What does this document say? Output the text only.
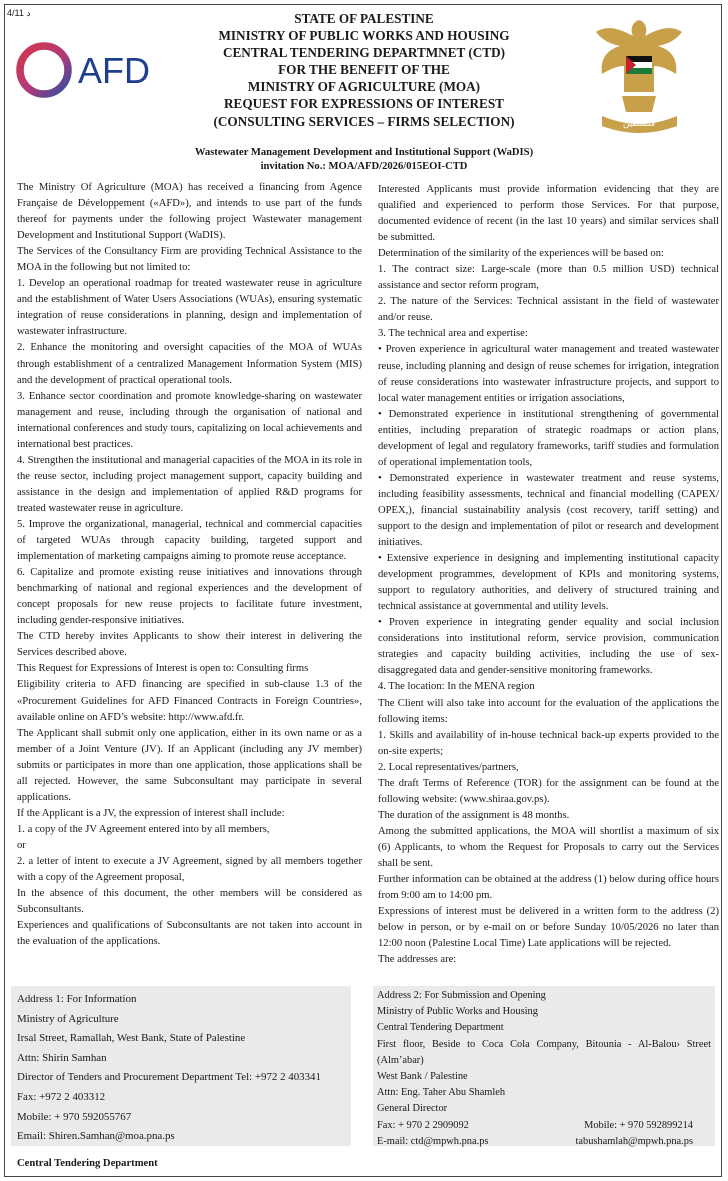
4/11 د
AFD
فلسطين
STATE OF PALESTINE
MINISTRY OF PUBLIC WORKS AND HOUSING
CENTRAL TENDERING DEPARTMNET (CTD)
FOR THE BENEFIT OF THE
MINISTRY OF AGRICULTURE (MOA)
REQUEST FOR EXPRESSIONS OF INTEREST
(CONSULTING SERVICES – FIRMS SELECTION)
Wastewater Management Development and Institutional Support (WaDIS)
invitation No.: MOA/AFD/2026/015EOI-CTD

The Ministry Of Agriculture (MOA) has received a financing from Agence Française de Développement («AFD»), and intends to use part of the funds thereof for payments under the following project Wastewater management Development and Institutional Support (WaDIS).

The Services of the Consultancy Firm are providing Technical Assistance to the MOA in the following but not limited to:

1. Develop an operational roadmap for treated wastewater reuse in agriculture and the establishment of Water Users Associations (WUAs), ensuring systematic integration of reuse considerations in planning, design and implementation of wastewater infrastructure.

2. Enhance the monitoring and oversight capacities of the MOA of WUAs through establishment of a centralized Management Information System (MIS) and the development of practical operational tools.

3. Enhance sector coordination and promote knowledge-sharing on wastewater management and reuse, including through the organisation of national and international conferences and study tours, capitalizing on local achievements and international best practices.

4. Strengthen the institutional and managerial capacities of the MOA in its role in the reuse sector, including project management support, capacity building and assistance in the design and implementation of applied R&D programs for treated wastewater reuse in agriculture.

5. Improve the organizational, managerial, technical and commercial capacities of targeted WUAs through capacity building, targeted support and implementation of marketing campaigns aiming to promote reuse acceptance.

6. Capitalize and promote existing reuse initiatives and innovations through benchmarking of national and regional experiences and the development of concept proposals for new reuse projects to facilitate future investment, including gender-responsive initiatives.

The CTD hereby invites Applicants to show their interest in delivering the Services described above.

This Request for Expressions of Interest is open to: Consulting firms

Eligibility criteria to AFD financing are specified in sub-clause 1.3 of the «Procurement Guidelines for AFD Financed Contracts in Foreign Countries», available online on AFD’s website: http://www.afd.fr.

The Applicant shall submit only one application, either in its own name or as a member of a Joint Venture (JV). If an Applicant (including any JV member) submits or participates in more than one application, those applications shall be all rejected. However, the same Subconsultant may participate in several applications.

If the Applicant is a JV, the expression of interest shall include:

1. a copy of the JV Agreement entered into by all members,

or

2. a letter of intent to execute a JV Agreement, signed by all members together with a copy of the Agreement proposal,

In the absence of this document, the other members will be considered as Subconsultants.

Experiences and qualifications of Subconsultants are not taken into account in the evaluation of the applications.

Interested Applicants must provide information evidencing that they are qualified and experienced to perform those Services. For that purpose, documented evidence of recent (in the last 10 years) and similar services shall be submitted.

Determination of the similarity of the experiences will be based on:

1. The contract size: Large-scale (more than 0.5 million USD) technical assistance and sector reform program,

2. The nature of the Services: Technical assistant in the field of wastewater and/or reuse.

3. The technical area and expertise:

• Proven experience in agricultural water management and treated wastewater reuse, including planning and design of reuse schemes for irrigation, integration of reuse considerations into wastewater infrastructure projects, and support to local water management entities or irrigation associations,

• Demonstrated experience in institutional strengthening of governmental entities, including preparation of strategic roadmaps or action plans, development of legal and regulatory frameworks, tariff studies and formulation of operational implementation tools,

• Demonstrated experience in wastewater treatment and reuse systems, including feasibility assessments, technical and financial modelling (CAPEX/ OPEX,), financial sustainability analysis (cost recovery, tariff setting) and support to the design and implementation of pilot or research and development initiatives.

• Extensive experience in designing and implementing institutional capacity development programmes, development of KPIs and monitoring systems, support to regulatory authorities, and delivery of structured training and technical assistance at governmental and utility levels.

• Proven experience in integrating gender equality and social inclusion considerations into institutional reform, service provision, communication strategies and capacity building activities, including the use of sex-disaggregated data and gender-sensitive monitoring frameworks.

4. The location: In the MENA region

The Client will also take into account for the evaluation of the applications the following items:

1. Skills and availability of in-house technical back-up experts provided to the on-site experts;

2. Local representatives/partners,

The draft Terms of Reference (TOR) for the assignment can be found at the following website: (www.shiraa.gov.ps).

The duration of the assignment is 48 months.

Among the submitted applications, the MOA will shortlist a maximum of six (6) Applicants, to whom the Request for Proposals to carry out the Services shall be sent.

Further information can be obtained at the address (1) below during office hours from 9:00 am to 14:00 pm.

Expressions of interest must be delivered in a written form to the address (2) below in person, or by e-mail on or before Sunday 10/05/2026 no later than 12:00 noon (Palestine Local Time) Late applications will be rejected.

The addresses are:

Address 1: For Information
Ministry of Agriculture
Irsal Street, Ramallah, West Bank, State of Palestine
Attn: Shirin Samhan
Director of Tenders and Procurement Department Tel: +972 2 403341
Fax: +972 2 403312
Mobile: + 970 592055767
Email: Shiren.Samhan@moa.pna.ps
Address 2: For Submission and Opening
Ministry of Public Works and Housing
Central Tendering Department
First floor, Beside to Coca Cola Company, Bitounia - Al-Balou› Street (Alm’abar)
West Bank / Palestine
Attn: Eng. Taher Abu Shamleh
General Director
Fax: + 970 2 2909092	Mobile: + 970 592899214
E-mail: ctd@mpwh.pna.ps	tabushamlah@mpwh.pna.ps
Central Tendering Department
